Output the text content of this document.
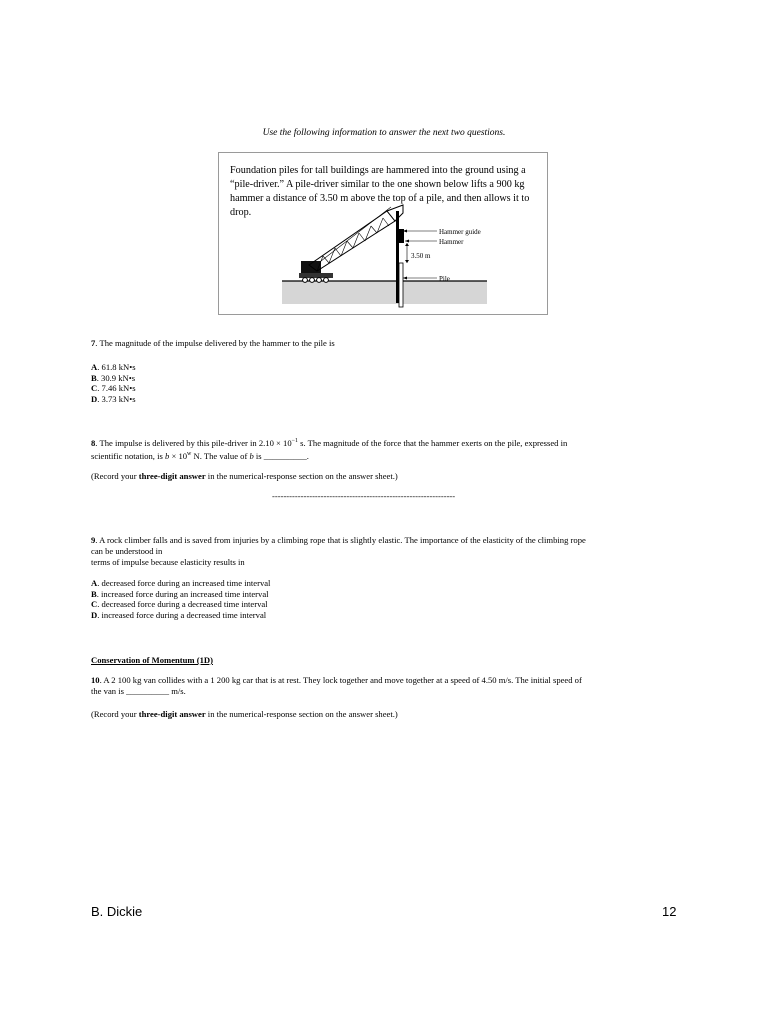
Use the following information to answer the next two questions.
Foundation piles for tall buildings are hammered into the ground using a “pile-driver.” A pile-driver similar to the one shown below lifts a 900 kg hammer a distance of 3.50 m above the top of a pile, and then allows it to drop.
3.50 m
Hammer guide
Hammer
Pile
7. The magnitude of the impulse delivered by the hammer to the pile is
A. 61.8 kN•s
B. 30.9 kN•s
C. 7.46 kN•s
D. 3.73 kN•s
8. The impulse is delivered by this pile-driver in $2.10 \times 10^{-1}$ s. The magnitude of the force that the hammer exerts on the pile, expressed in
scientific notation, is $b \times 10^w$ N. The value of b is __________.
(Record your three-digit answer in the numerical-response section on the answer sheet.)
----------------------------------------------------------------
9. A rock climber falls and is saved from injuries by a climbing rope that is slightly elastic. The importance of the elasticity of the climbing rope
can be understood in
terms of impulse because elasticity results in
A. decreased force during an increased time interval
B. increased force during an increased time interval
C. decreased force during a decreased time interval
D. increased force during a decreased time interval
Conservation of Momentum (1D)
10. A 2 100 kg van collides with a 1 200 kg car that is at rest. They lock together and move together at a speed of 4.50 m/s. The initial speed of
the van is __________ m/s.
(Record your three-digit answer in the numerical-response section on the answer sheet.)
B. Dickie	12
